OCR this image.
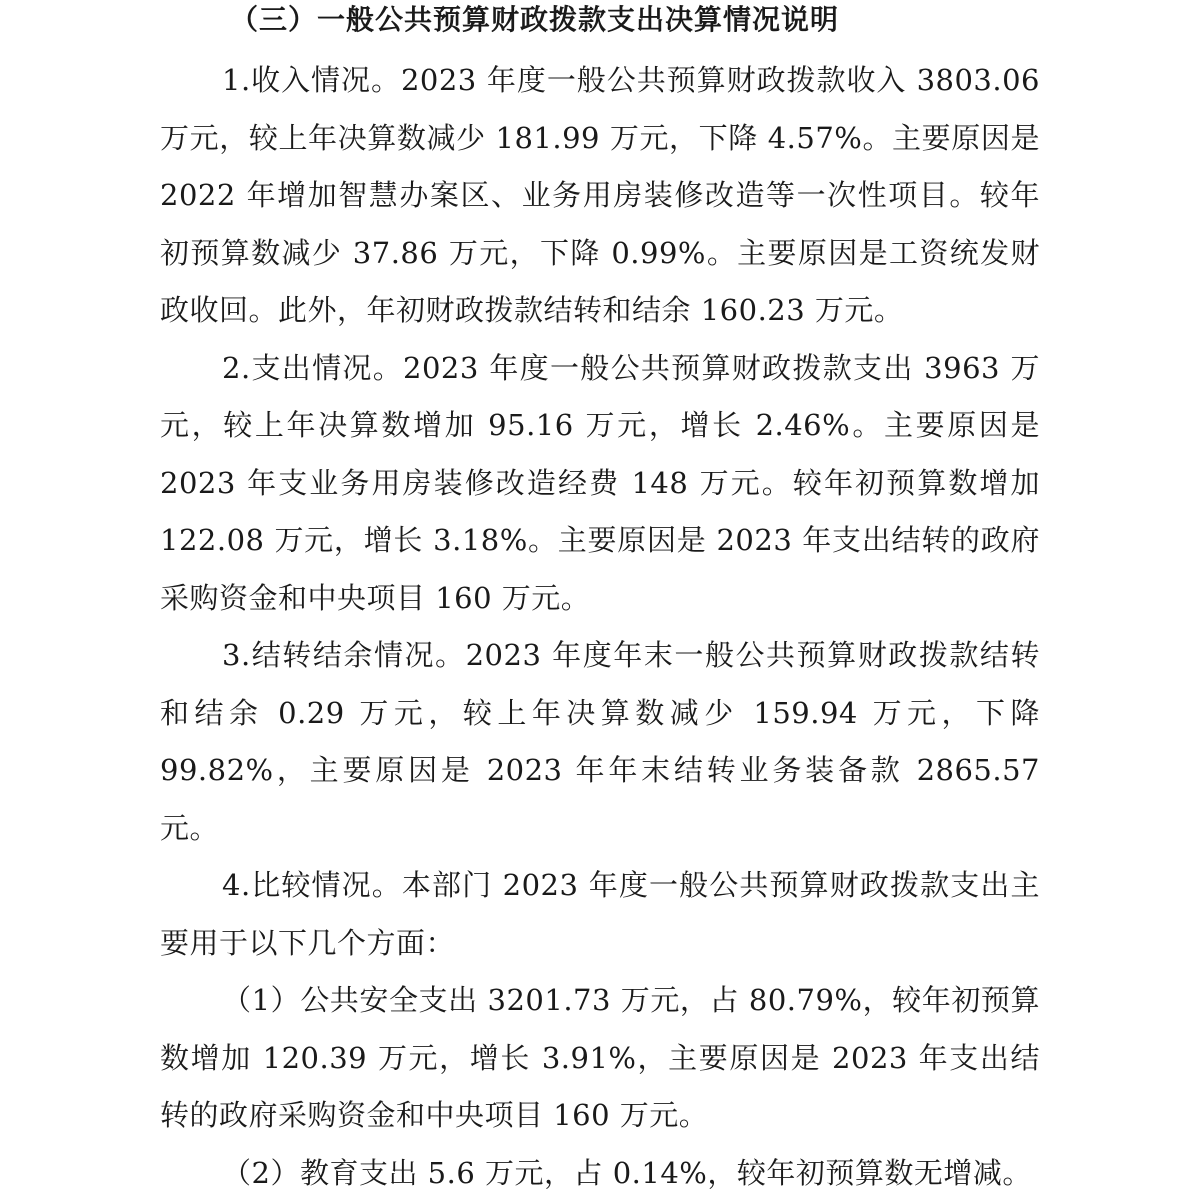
（三）一般公共预算财政拨款支出决算情况说明

1.收入情况。2023 年度一般公共预算财政拨款收入 3803.06 万元，较上年决算数减少 181.99 万元，下降 4.57%。主要原因是 2022 年增加智慧办案区、业务用房装修改造等一次性项目。较年初预算数减少 37.86 万元，下降 0.99%。主要原因是工资统发财政收回。此外，年初财政拨款结转和结余 160.23 万元。

2.支出情况。2023 年度一般公共预算财政拨款支出 3963 万元，较上年决算数增加 95.16 万元，增长 2.46%。主要原因是 2023 年支业务用房装修改造经费 148 万元。较年初预算数增加 122.08 万元，增长 3.18%。主要原因是 2023 年支出结转的政府采购资金和中央项目 160 万元。

3.结转结余情况。2023 年度年末一般公共预算财政拨款结转和结余 0.29 万元，较上年决算数减少 159.94 万元，下降 99.82%，主要原因是 2023 年年末结转业务装备款 2865.57 元。

4.比较情况。本部门 2023 年度一般公共预算财政拨款支出主要用于以下几个方面：

（1）公共安全支出 3201.73 万元，占 80.79%，较年初预算数增加 120.39 万元，增长 3.91%，主要原因是 2023 年支出结转的政府采购资金和中央项目 160 万元。

（2）教育支出 5.6 万元，占 0.14%，较年初预算数无增减。
